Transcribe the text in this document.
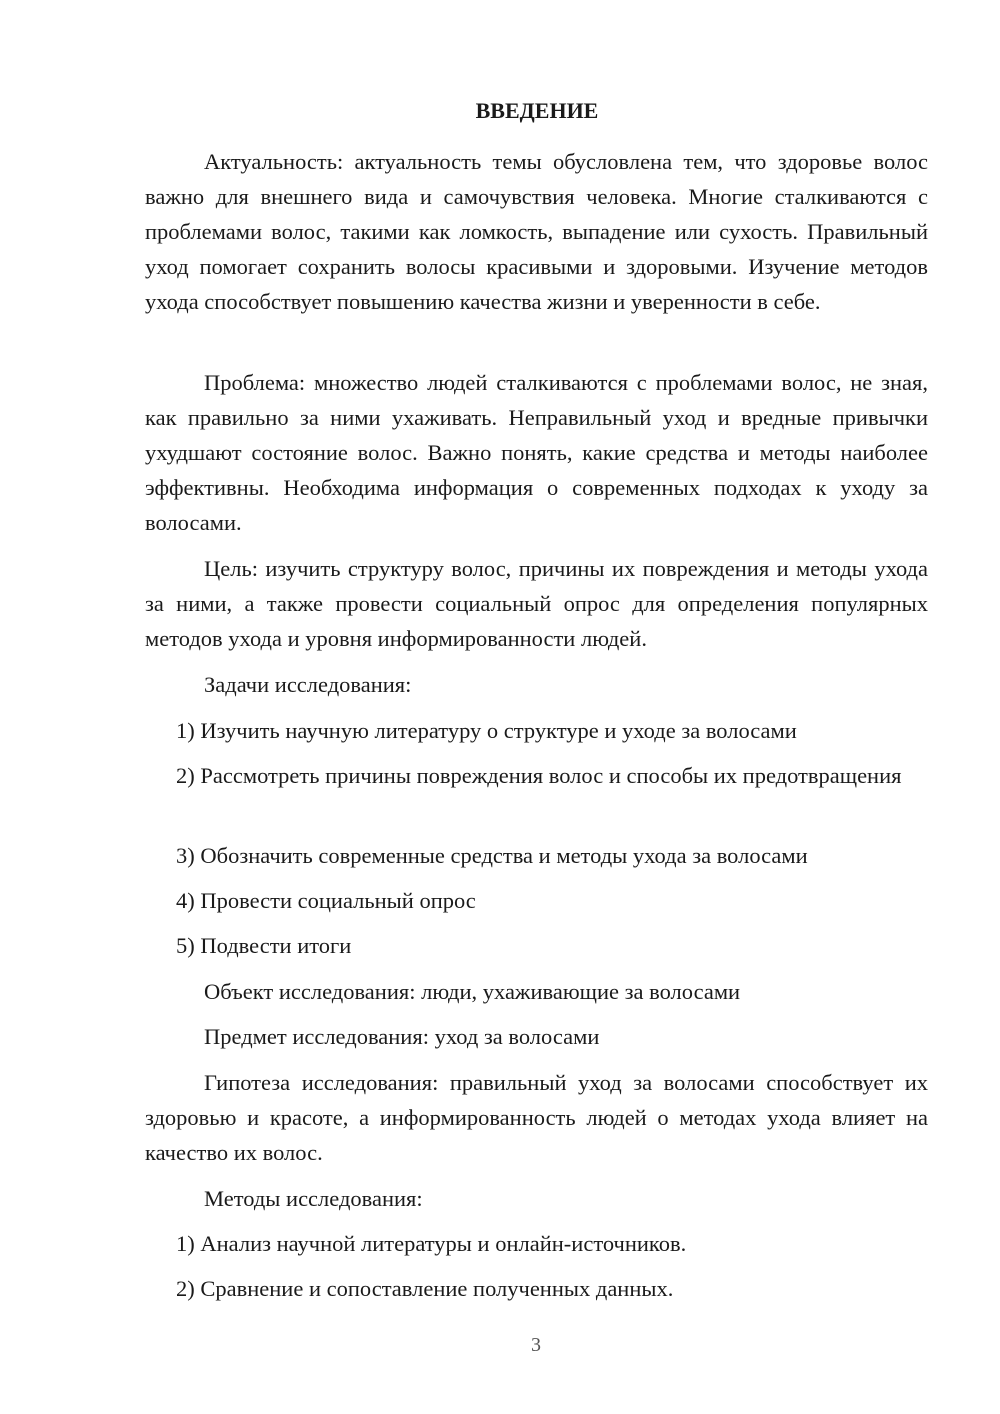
ВВЕДЕНИЕ

Актуальность: актуальность темы обусловлена тем, что здоровье волос важно для внешнего вида и самочувствия человека. Многие сталкиваются с проблемами волос, такими как ломкость, выпадение или сухость. Правильный уход помогает сохранить волосы красивыми и здоровыми. Изучение методов ухода способствует повышению качества жизни и уверенности в себе.

Проблема: множество людей сталкиваются с проблемами волос, не зная, как правильно за ними ухаживать. Неправильный уход и вредные привычки ухудшают состояние волос. Важно понять, какие средства и методы наиболее эффективны. Необходима информация о современных подходах к уходу за волосами.

Цель: изучить структуру волос, причины их повреждения и методы ухода за ними, а также провести социальный опрос для определения популярных методов ухода и уровня информированности людей.

Задачи исследования:

1) Изучить научную литературу о структуре и уходе за волосами

2) Рассмотреть причины повреждения волос и способы их предотвращения

3) Обозначить современные средства и методы ухода за волосами

4) Провести социальный опрос

5) Подвести итоги

Объект исследования: люди, ухаживающие за волосами

Предмет исследования: уход за волосами

Гипотеза исследования: правильный уход за волосами способствует их здоровью и красоте, а информированность людей о методах ухода влияет на качество их волос.

Методы исследования:

1) Анализ научной литературы и онлайн-источников.

2) Сравнение и сопоставление полученных данных.

3
